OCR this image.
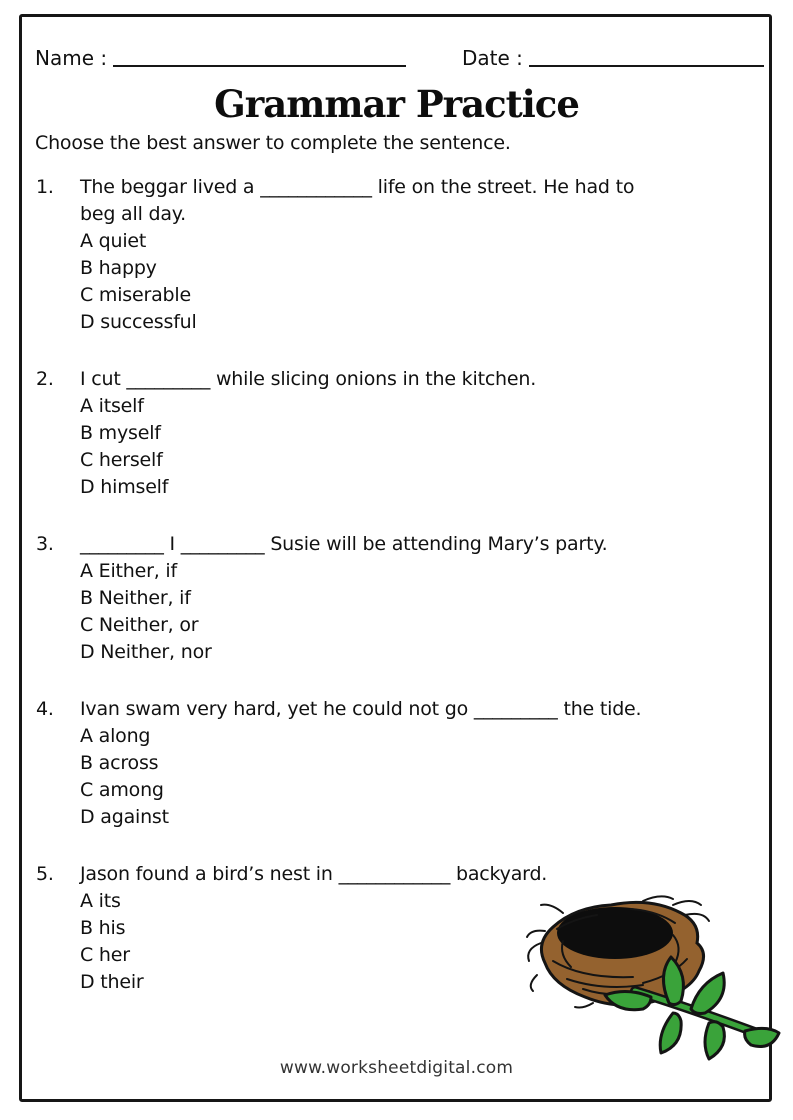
Name :	Date :
Grammar Practice

Choose the best answer to complete the sentence.

1.	The beggar lived a ____________ life on the street. He had to
beg all day.
A quiet
B happy
C miserable
D successful
2.	I cut _________ while slicing onions in the kitchen.
A itself
B myself
C herself
D himself
3.	_________ I _________ Susie will be attending Mary’s party.
A Either, if
B Neither, if
C Neither, or
D Neither, nor
4.	Ivan swam very hard, yet he could not go _________ the tide.
A along
B across
C among
D against
5.	Jason found a bird’s nest in ____________ backyard.
A its
B his
C her
D their
www.worksheetdigital.com
